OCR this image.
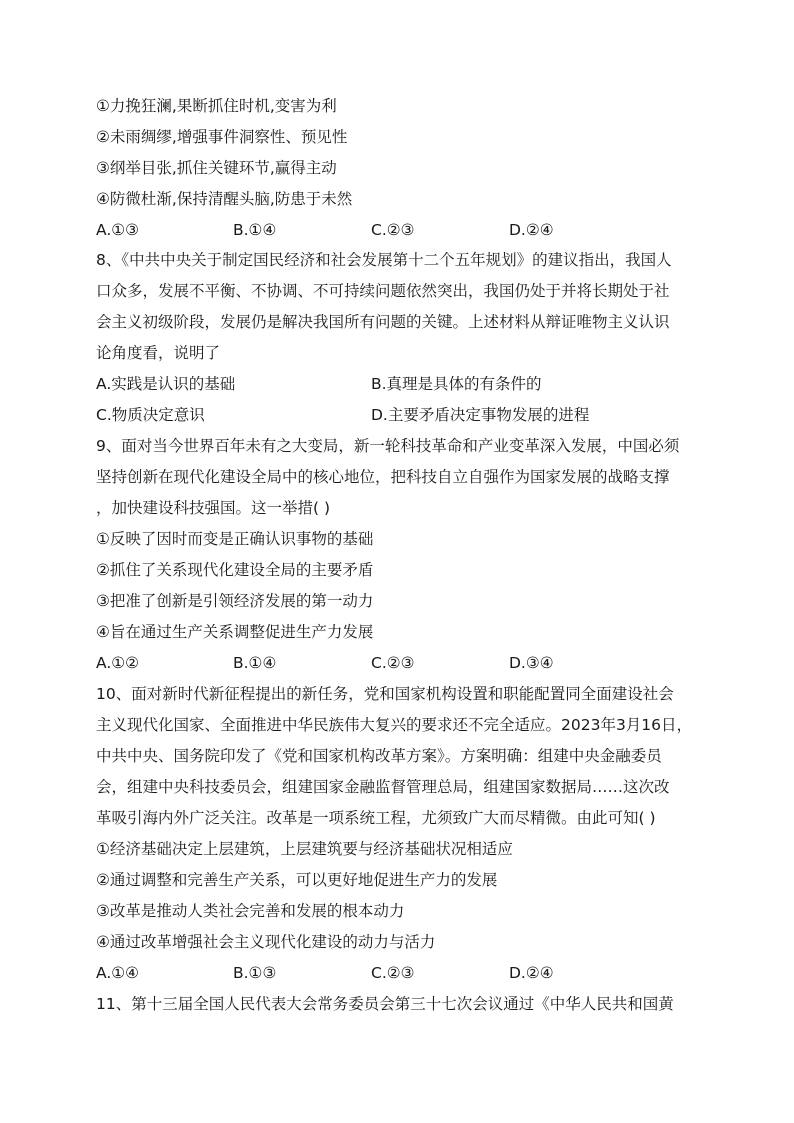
①力挽狂澜,果断抓住时机,变害为利
②未雨绸缪,增强事件洞察性、预见性
③纲举目张,抓住关键环节,赢得主动
④防微杜渐,保持清醒头脑,防患于未然
A.①③	B.①④	C.②③	D.②④
8、《中共中央关于制定国民经济和社会发展第十二个五年规划》的建议指出，我国人
口众多，发展不平衡、不协调、不可持续问题依然突出，我国仍处于并将长期处于社
会主义初级阶段，发展仍是解决我国所有问题的关键。上述材料从辩证唯物主义认识
论角度看，说明了
A.实践是认识的基础	B.真理是具体的有条件的
C.物质决定意识	D.主要矛盾决定事物发展的进程
9、面对当今世界百年未有之大变局，新一轮科技革命和产业变革深入发展，中国必须
坚持创新在现代化建设全局中的核心地位，把科技自立自强作为国家发展的战略支撑
，加快建设科技强国。这一举措( )
①反映了因时而变是正确认识事物的基础
②抓住了关系现代化建设全局的主要矛盾
③把准了创新是引领经济发展的第一动力
④旨在通过生产关系调整促进生产力发展
A.①②	B.①④	C.②③	D.③④
10、面对新时代新征程提出的新任务，党和国家机构设置和职能配置同全面建设社会
主义现代化国家、全面推进中华民族伟大复兴的要求还不完全适应。2023年3月16日，
中共中央、国务院印发了《党和国家机构改革方案》。方案明确：组建中央金融委员
会，组建中央科技委员会，组建国家金融监督管理总局，组建国家数据局……这次改
革吸引海内外广泛关注。改革是一项系统工程，尤须致广大而尽精微。由此可知( )
①经济基础决定上层建筑，上层建筑要与经济基础状况相适应
②通过调整和完善生产关系，可以更好地促进生产力的发展
③改革是推动人类社会完善和发展的根本动力
④通过改革增强社会主义现代化建设的动力与活力
A.①④	B.①③	C.②③	D.②④
11、第十三届全国人民代表大会常务委员会第三十七次会议通过《中华人民共和国黄
